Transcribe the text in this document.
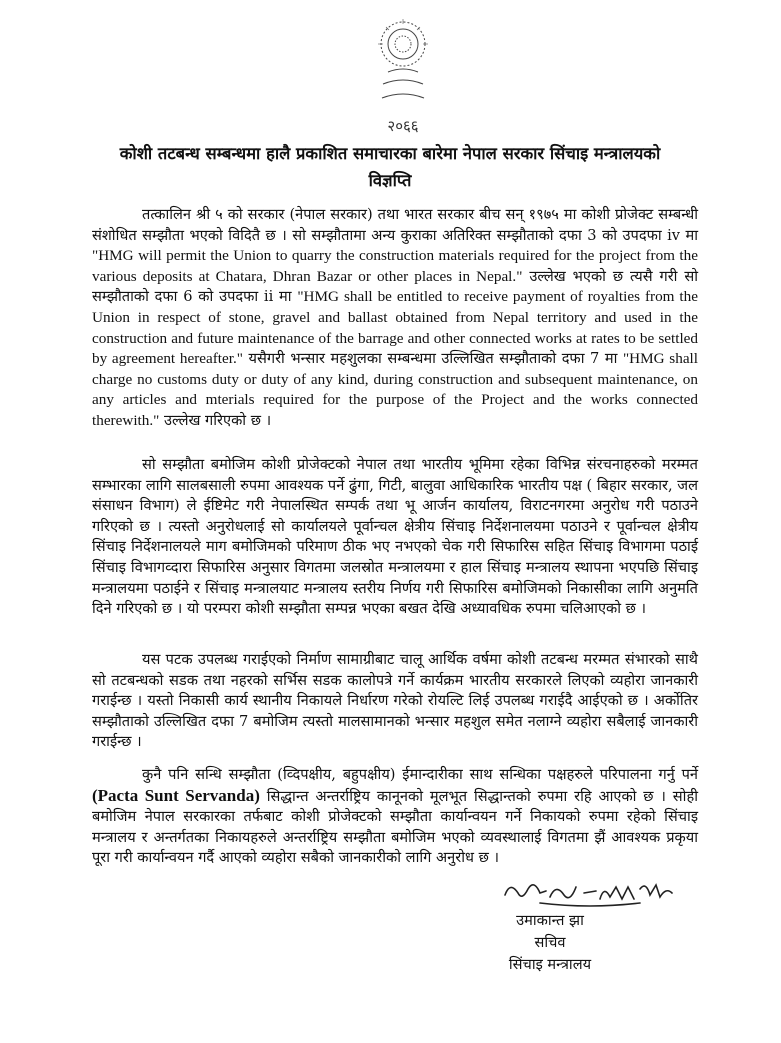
२०६६
कोशी तटबन्ध सम्बन्धमा हालै प्रकाशित समाचारका बारेमा नेपाल सरकार सिंचाइ मन्त्रालयको विज्ञप्ति
तत्कालिन श्री ५ को सरकार (नेपाल सरकार) तथा भारत सरकार बीच सन् १९७५ मा कोशी प्रोजेक्ट सम्बन्धी संशोधित सम्झौता भएको विदितै छ । सो सम्झौतामा अन्य कुराका अतिरिक्त सम्झौताको दफा 3 को उपदफा iv मा "HMG will permit the Union to quarry the construction materials required for the project from the various deposits at Chatara, Dhran Bazar or other places in Nepal." उल्लेख भएको छ त्यसै गरी सो सम्झौताको दफा 6 को उपदफा ii मा "HMG shall be entitled to receive payment of royalties from the Union in respect of stone, gravel and ballast obtained from Nepal territory and used in the construction and future maintenance of the barrage and other connected works at rates to be settled by agreement hereafter." यसैगरी भन्सार महशुलका सम्बन्धमा उल्लिखित सम्झौताको दफा 7 मा "HMG shall charge no customs duty or duty of any kind, during construction and subsequent maintenance, on any articles and mterials required for the purpose of the Project and the works connected therewith." उल्लेख गरिएको छ ।
सो सम्झौता बमोजिम कोशी प्रोजेक्टको नेपाल तथा भारतीय भूमिमा रहेका विभिन्न संरचनाहरुको मरम्मत सम्भारका लागि सालबसाली रुपमा आवश्यक पर्ने ढुंगा, गिटी, बालुवा आधिकारिक भारतीय पक्ष ( बिहार सरकार, जल संसाधन विभाग) ले ईष्टिमेट गरी नेपालस्थित सम्पर्क तथा भू आर्जन कार्यालय, विराटनगरमा अनुरोध गरी पठाउने गरिएको छ । त्यस्तो अनुरोधलाई सो कार्यालयले पूर्वान्चल क्षेत्रीय सिंचाइ निर्देशनालयमा पठाउने र पूर्वान्चल क्षेत्रीय सिंचाइ निर्देशनालयले माग बमोजिमको परिमाण ठीक भए नभएको चेक गरी सिफारिस सहित सिंचाइ विभागमा पठाई सिंचाइ विभागव्दारा सिफारिस अनुसार विगतमा जलस्रोत मन्त्रालयमा र हाल सिंचाइ मन्त्रालय स्थापना भएपछि सिंचाइ मन्त्रालयमा पठाईने र सिंचाइ मन्त्रालयाट मन्त्रालय स्तरीय निर्णय गरी सिफारिस बमोजिमको निकासीका लागि अनुमति दिने गरिएको छ । यो परम्परा कोशी सम्झौता सम्पन्न भएका बखत देखि अध्यावधिक रुपमा चलिआएको छ ।
यस पटक उपलब्ध गराईएको निर्माण सामाग्रीबाट चालू आर्थिक वर्षमा कोशी तटबन्ध मरम्मत संभारको साथै सो तटबन्धको सडक तथा नहरको सर्भिस सडक कालोपत्रे गर्ने कार्यक्रम भारतीय सरकारले लिएको व्यहोरा जानकारी गराईन्छ । यस्तो निकासी कार्य स्थानीय निकायले निर्धारण गरेको रोयल्टि लिई उपलब्ध गराईदै आईएको छ । अर्कोतिर सम्झौताको उल्लिखित दफा 7 बमोजिम त्यस्तो मालसामानको भन्सार महशुल समेत नलाग्ने व्यहोरा सबैलाई जानकारी गराईन्छ ।
कुनै पनि सन्धि सम्झौता (व्दिपक्षीय, बहुपक्षीय) ईमान्दारीका साथ सन्धिका पक्षहरुले परिपालना गर्नु पर्ने (Pacta Sunt Servanda) सिद्धान्त अन्तर्राष्ट्रिय कानूनको मूलभूत सिद्धान्तको रुपमा रहि आएको छ । सोही बमोजिम नेपाल सरकारका तर्फबाट कोशी प्रोजेक्टको सम्झौता कार्यान्वयन गर्ने निकायको रुपमा रहेको सिंचाइ मन्त्रालय र अन्तर्गतका निकायहरुले अन्तर्राष्ट्रिय सम्झौता बमोजिम भएको व्यवस्थालाई विगतमा झैं आवश्यक प्रकृया पूरा गरी कार्यान्वयन गर्दै आएको व्यहोरा सबैको जानकारीको लागि अनुरोध छ ।
उमाकान्त झा
सचिव
सिंचाइ मन्त्रालय
